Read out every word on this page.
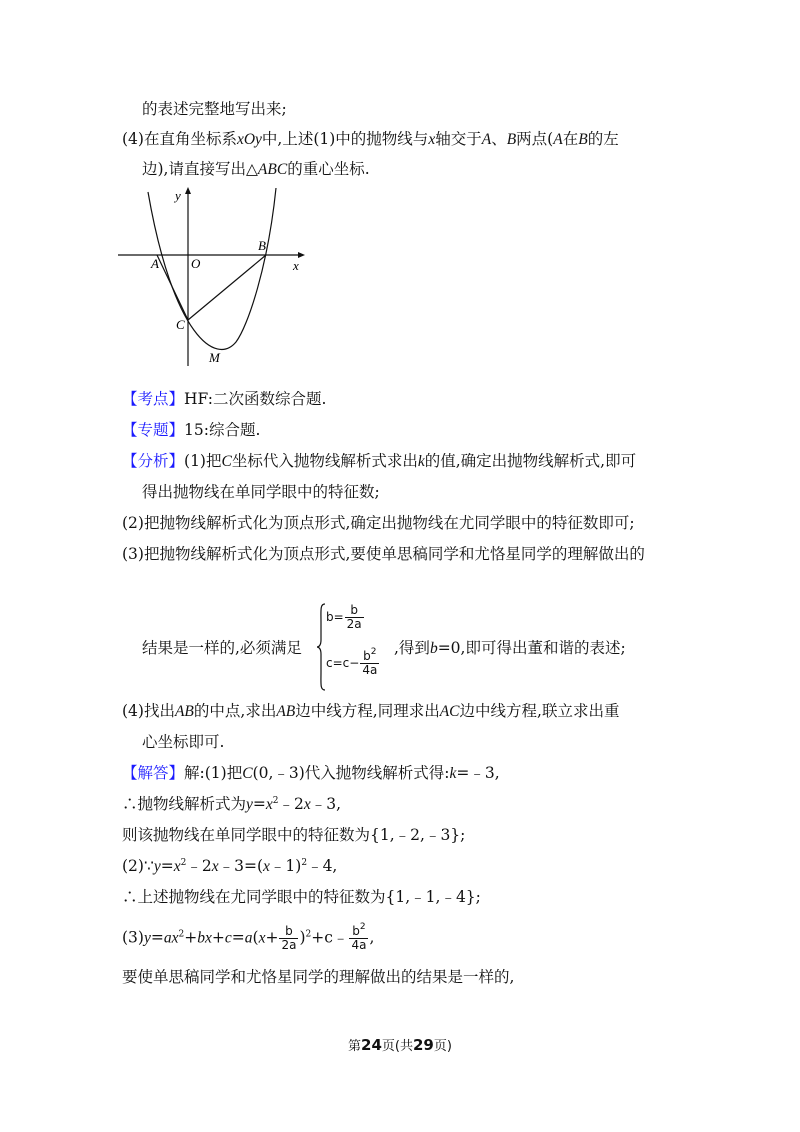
的表述完整地写出来;
(4)在直角坐标系xOy中,上述(1)中的抛物线与x轴交于A、B两点(A在B的左
边),请直接写出△ABC的重心坐标.
y
x
O
A
B
C
M
【考点】HF:二次函数综合题.
【专题】15:综合题.
【分析】(1)把C坐标代入抛物线解析式求出k的值,确定出抛物线解析式,即可
得出抛物线在单同学眼中的特征数;
(2)把抛物线解析式化为顶点形式,确定出抛物线在尤同学眼中的特征数即可;
(3)把抛物线解析式化为顶点形式,要使单思稿同学和尤恪星同学的理解做出的
结果是一样的,必须满足
$b= \frac{b}{2a}$
$c=c- \frac{b^2}{4a}$
,得到b=0,即可得出董和谐的表述;
(4)找出AB的中点,求出AB边中线方程,同理求出AC边中线方程,联立求出重
心坐标即可.
【解答】解:(1)把C(0,﹣3)代入抛物线解析式得:k=﹣3,
∴抛物线解析式为$y=x^2﹣2x﹣3$,
则该抛物线在单同学眼中的特征数为{1,﹣2,﹣3};
$(2)\because y=x^2﹣2x﹣3=(x﹣1)^2﹣4$,
∴上述抛物线在尤同学眼中的特征数为{1,﹣1,﹣4};
$(3)y=ax^2+bx+c=a(x+ \frac{b}{2a}$ )$^2+c﹣ \frac{b^2}{4a}$ ,
要使单思稿同学和尤恪星同学的理解做出的结果是一样的,
第24页(共29页)
